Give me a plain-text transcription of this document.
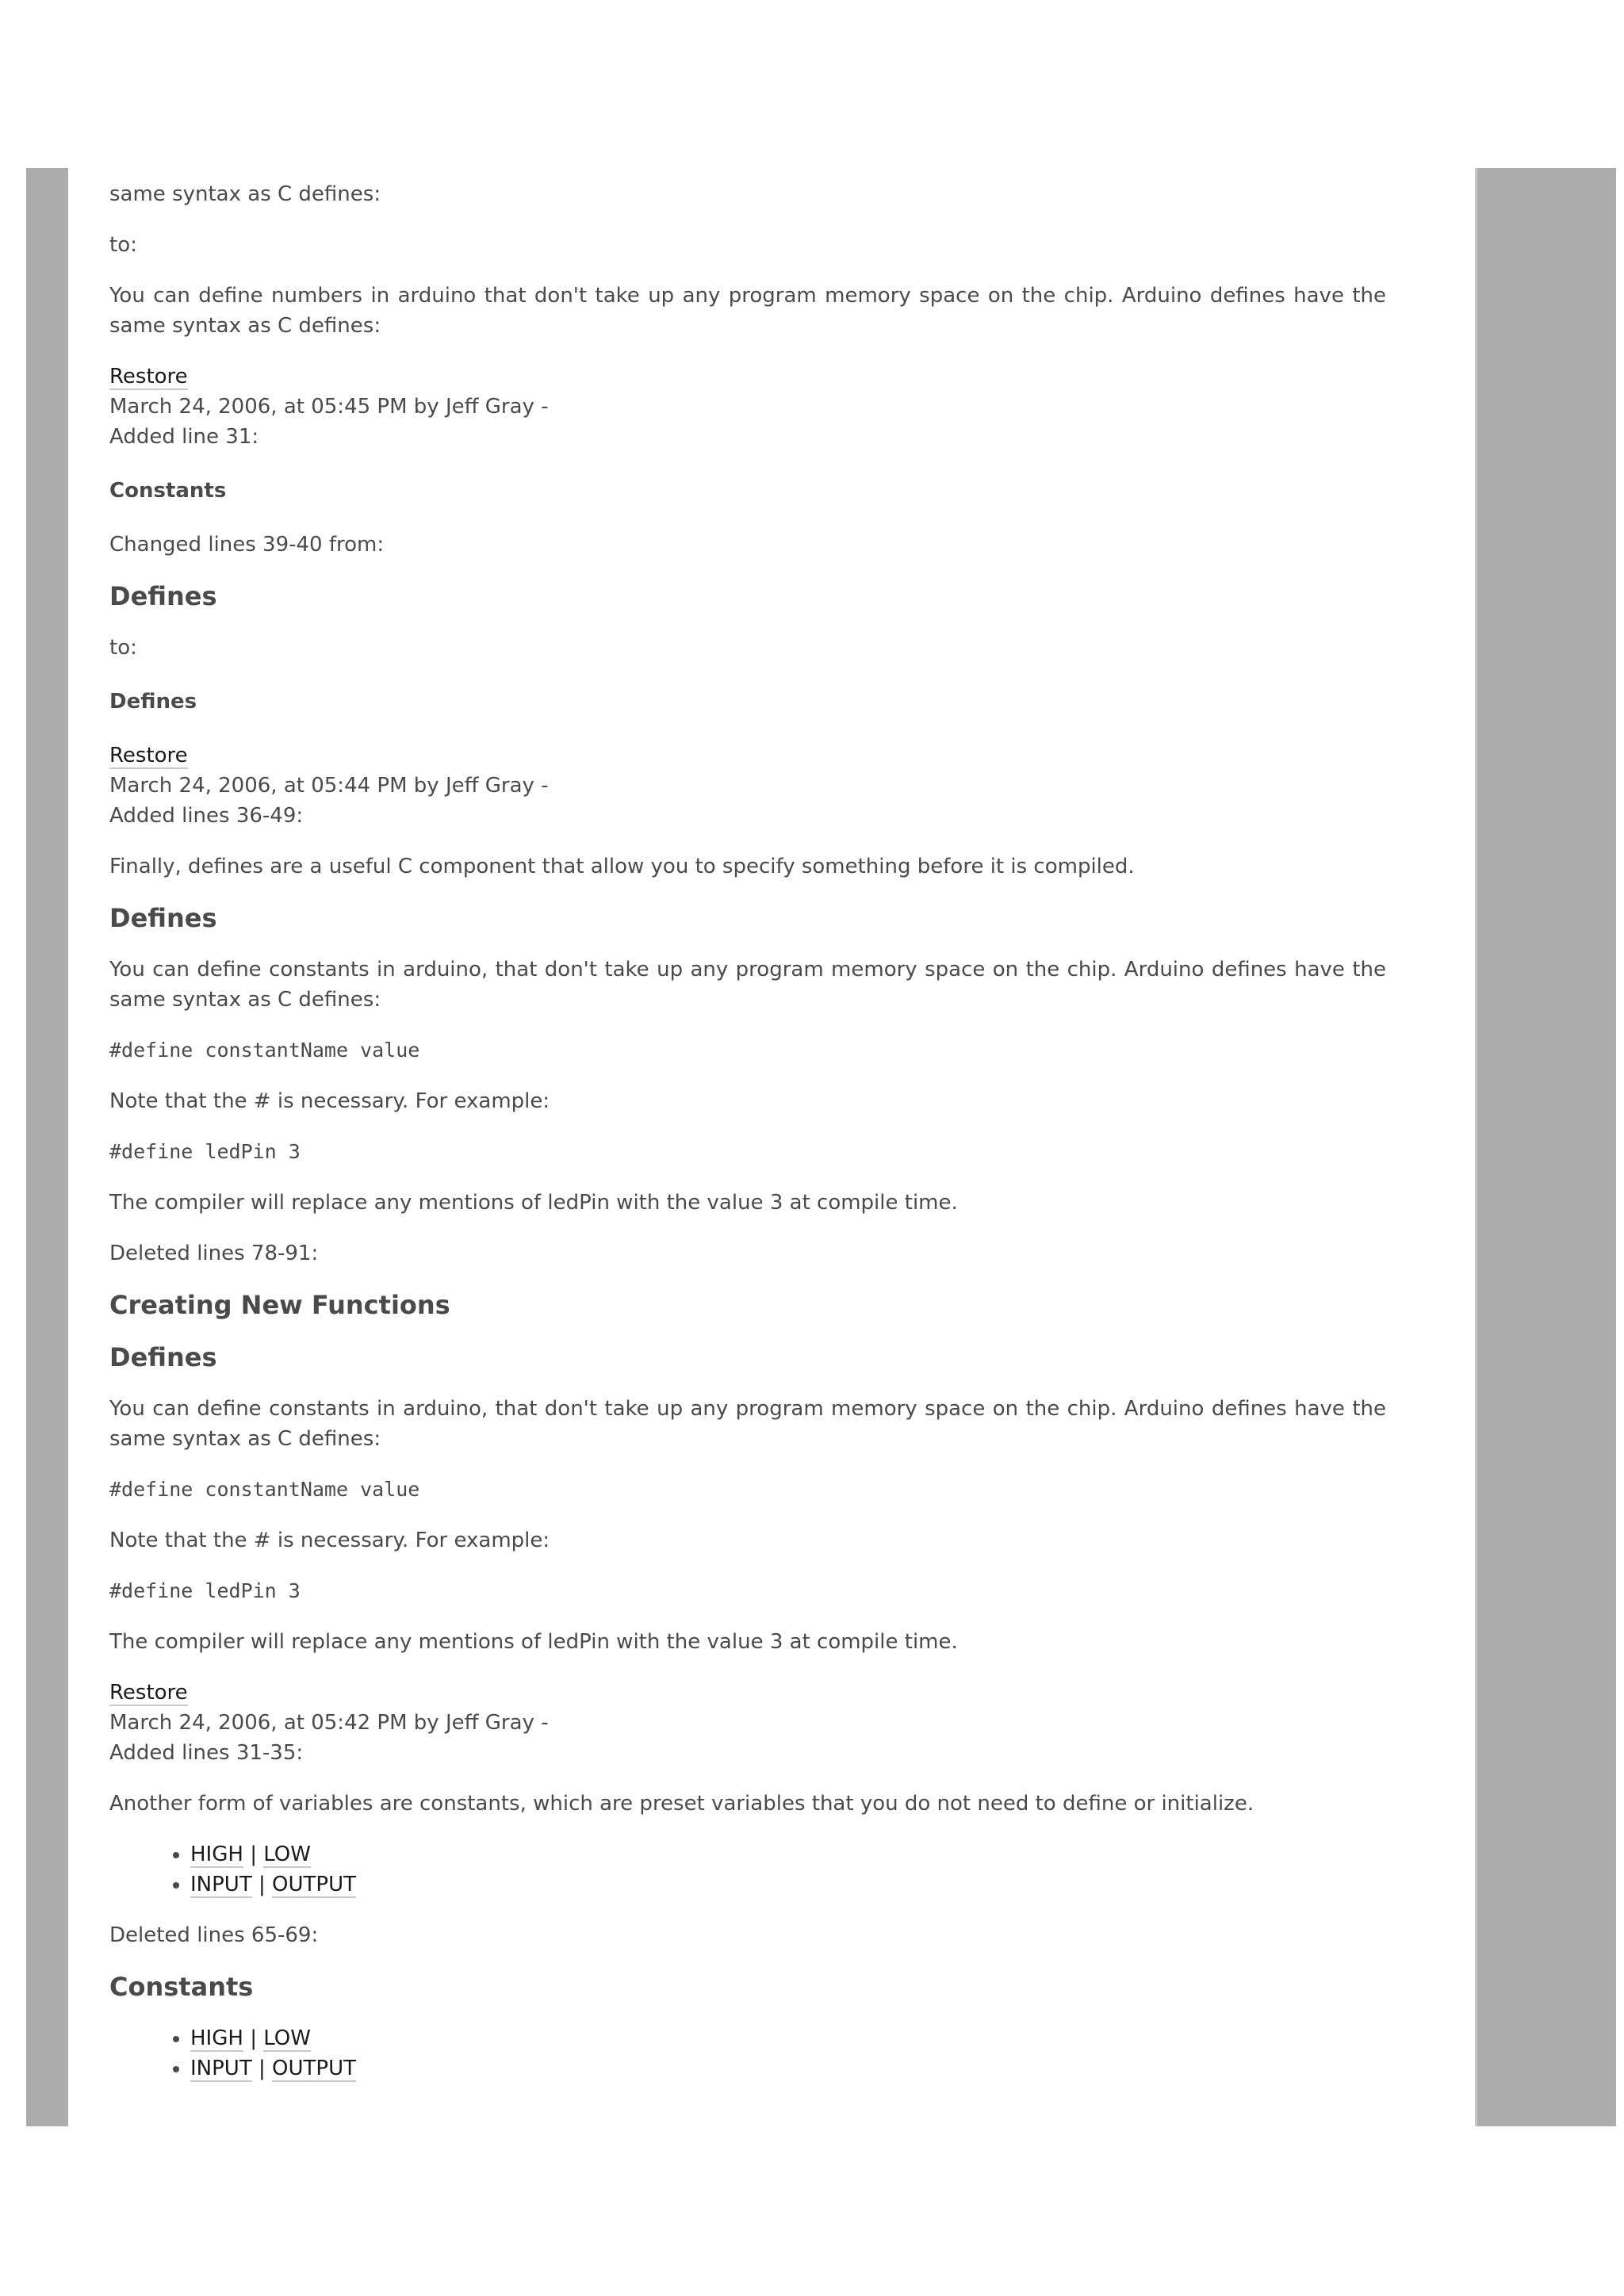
same syntax as C defines:

to:

You can define numbers in arduino that don't take up any program memory space on the chip. Arduino defines have the same syntax as C defines:

Restore

March 24, 2006, at 05:45 PM by Jeff Gray -

Added line 31:

Constants

Changed lines 39-40 from:

Defines

to:

Defines

Restore

March 24, 2006, at 05:44 PM by Jeff Gray -

Added lines 36-49:

Finally, defines are a useful C component that allow you to specify something before it is compiled.

Defines

You can define constants in arduino, that don't take up any program memory space on the chip. Arduino defines have the same syntax as C defines:

#define constantName value

Note that the # is necessary. For example:

#define ledPin 3

The compiler will replace any mentions of ledPin with the value 3 at compile time.

Deleted lines 78-91:

Creating New Functions
Defines

You can define constants in arduino, that don't take up any program memory space on the chip. Arduino defines have the same syntax as C defines:

#define constantName value

Note that the # is necessary. For example:

#define ledPin 3

The compiler will replace any mentions of ledPin with the value 3 at compile time.

Restore

March 24, 2006, at 05:42 PM by Jeff Gray -

Added lines 31-35:

Another form of variables are constants, which are preset variables that you do not need to define or initialize.

• HIGH | LOW
• INPUT | OUTPUT

Deleted lines 65-69:

Constants
• HIGH | LOW
• INPUT | OUTPUT
